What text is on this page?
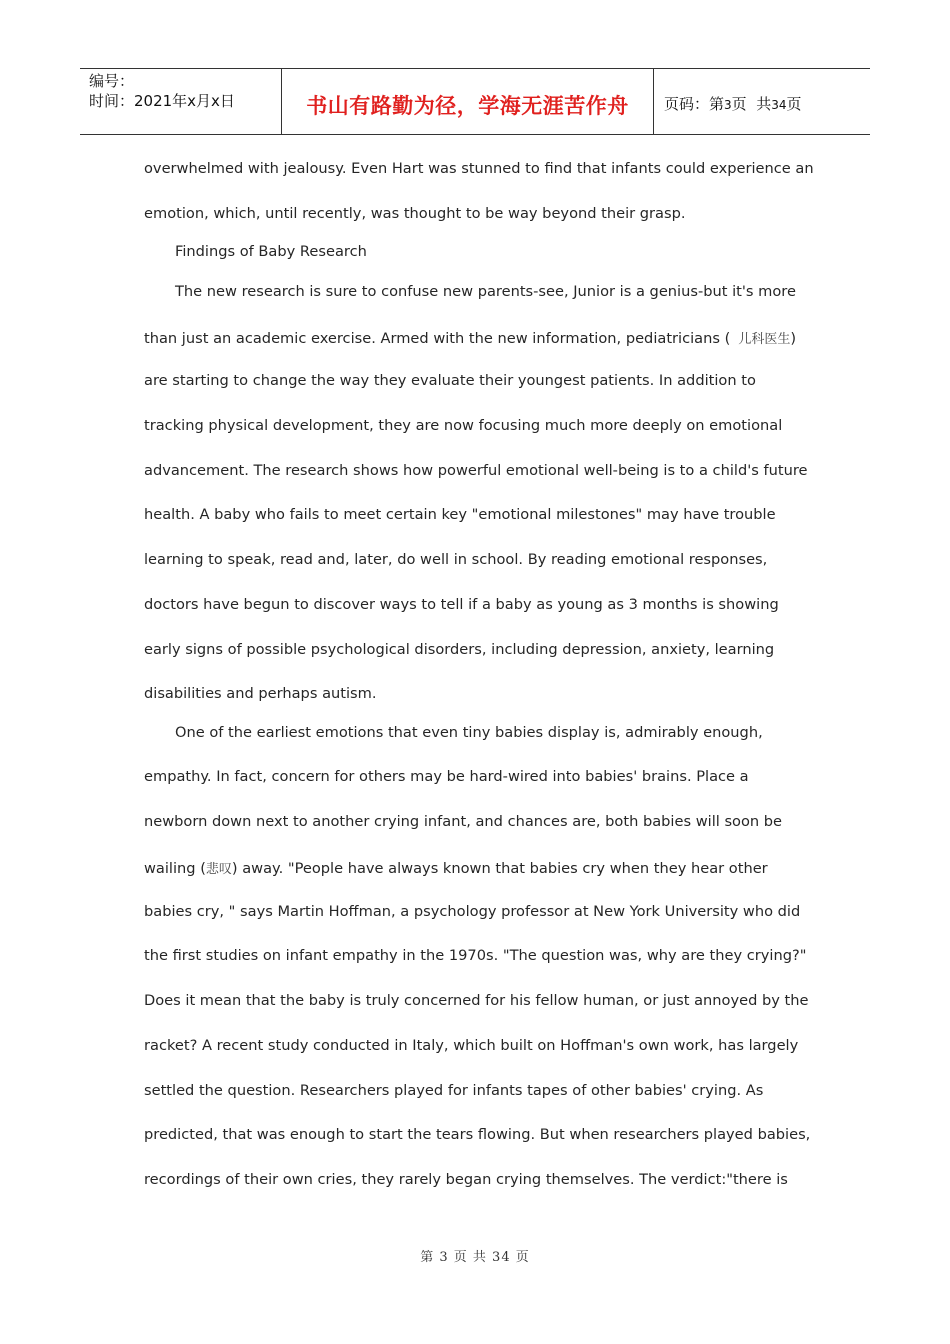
编号：
时间：2021年x月x日	书山有路勤为径，学海无涯苦作舟	页码：第3页  共34页
overwhelmed with jealousy. Even Hart was stunned to find that infants could experience an
emotion, which, until recently, was thought to be way beyond their grasp.
Findings of Baby Research
The new research is sure to confuse new parents-see, Junior is a genius-but it's more
than just an academic exercise. Armed with the new information, pediatricians ( 儿科医生)
are starting to change the way they evaluate their youngest patients. In addition to
tracking physical development, they are now focusing much more deeply on emotional
advancement. The research shows how powerful emotional well-being is to a child's future
health. A baby who fails to meet certain key "emotional milestones" may have trouble
learning to speak, read and, later, do well in school. By reading emotional responses,
doctors have begun to discover ways to tell if a baby as young as 3 months is showing
early signs of possible psychological disorders, including depression, anxiety, learning
disabilities and perhaps autism.
One of the earliest emotions that even tiny babies display is, admirably enough,
empathy. In fact, concern for others may be hard-wired into babies' brains. Place a
newborn down next to another crying infant, and chances are, both babies will soon be
wailing (悲叹) away. "People have always known that babies cry when they hear other
babies cry, " says Martin Hoffman, a psychology professor at New York University who did
the first studies on infant empathy in the 1970s. "The question was, why are they crying?"
Does it mean that the baby is truly concerned for his fellow human, or just annoyed by the
racket? A recent study conducted in Italy, which built on Hoffman's own work, has largely
settled the question. Researchers played for infants tapes of other babies' crying. As
predicted, that was enough to start the tears flowing. But when researchers played babies,
recordings of their own cries, they rarely began crying themselves. The verdict:"there is
第 3 页 共 34 页
